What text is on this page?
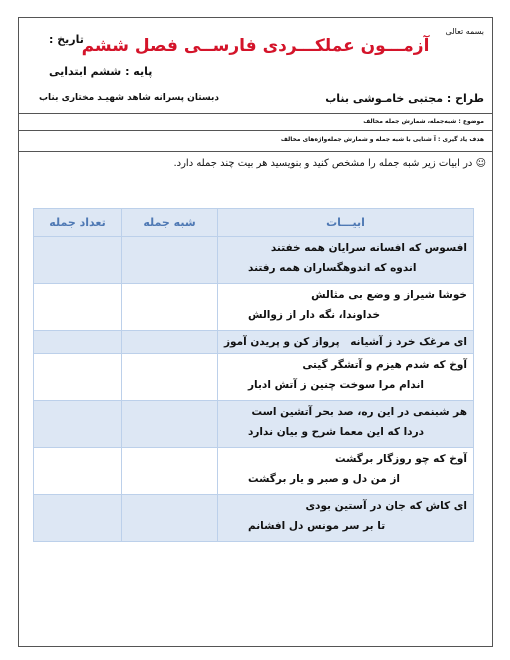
بسمه تعالی
آزمـــون عملکـــردی فارســی فصل ششم
تاریخ :
پایه : ششم ابتدایی
طراح : مجتبی خامـوشی بناب
دبستان پسرانه شاهد شهیـد مختاری بناب
موضوع : شبه‌جمله، شمارش جمله مخالف
هدف یاد گیری : آ شنایی با شبه جمله و شمارش جمله‌واژه‌های مخالف
☺ در ابیات زیر شبه جمله را مشخص کنید و بنویسید هر بیت چند جمله دارد.
ابیـــات	شبه جمله	تعداد جمله

افسوس که افسانه سرایان همه خفتند
اندوه که اندوهگساران همه رفتند		

خوشا شیراز و وضع بی مثالش
خداوندا، نگه دار از زوالش		

ای مرغک خرد ز آشیانه
پرواز کن و پریدن آموز		

آوخ که شدم هیزم و آتشگر گیتی
اندام مرا سوخت چنین ز آتش ادبار		

هر شبنمی در این ره، صد بحر آتشین است
دردا که این معما شرح و بیان ندارد		

آوخ که چو روزگار برگشت
از من دل و صبر و یار برگشت		

ای کاش که جان در آستین بودی
تا بر سر مونس دل افشانم		
